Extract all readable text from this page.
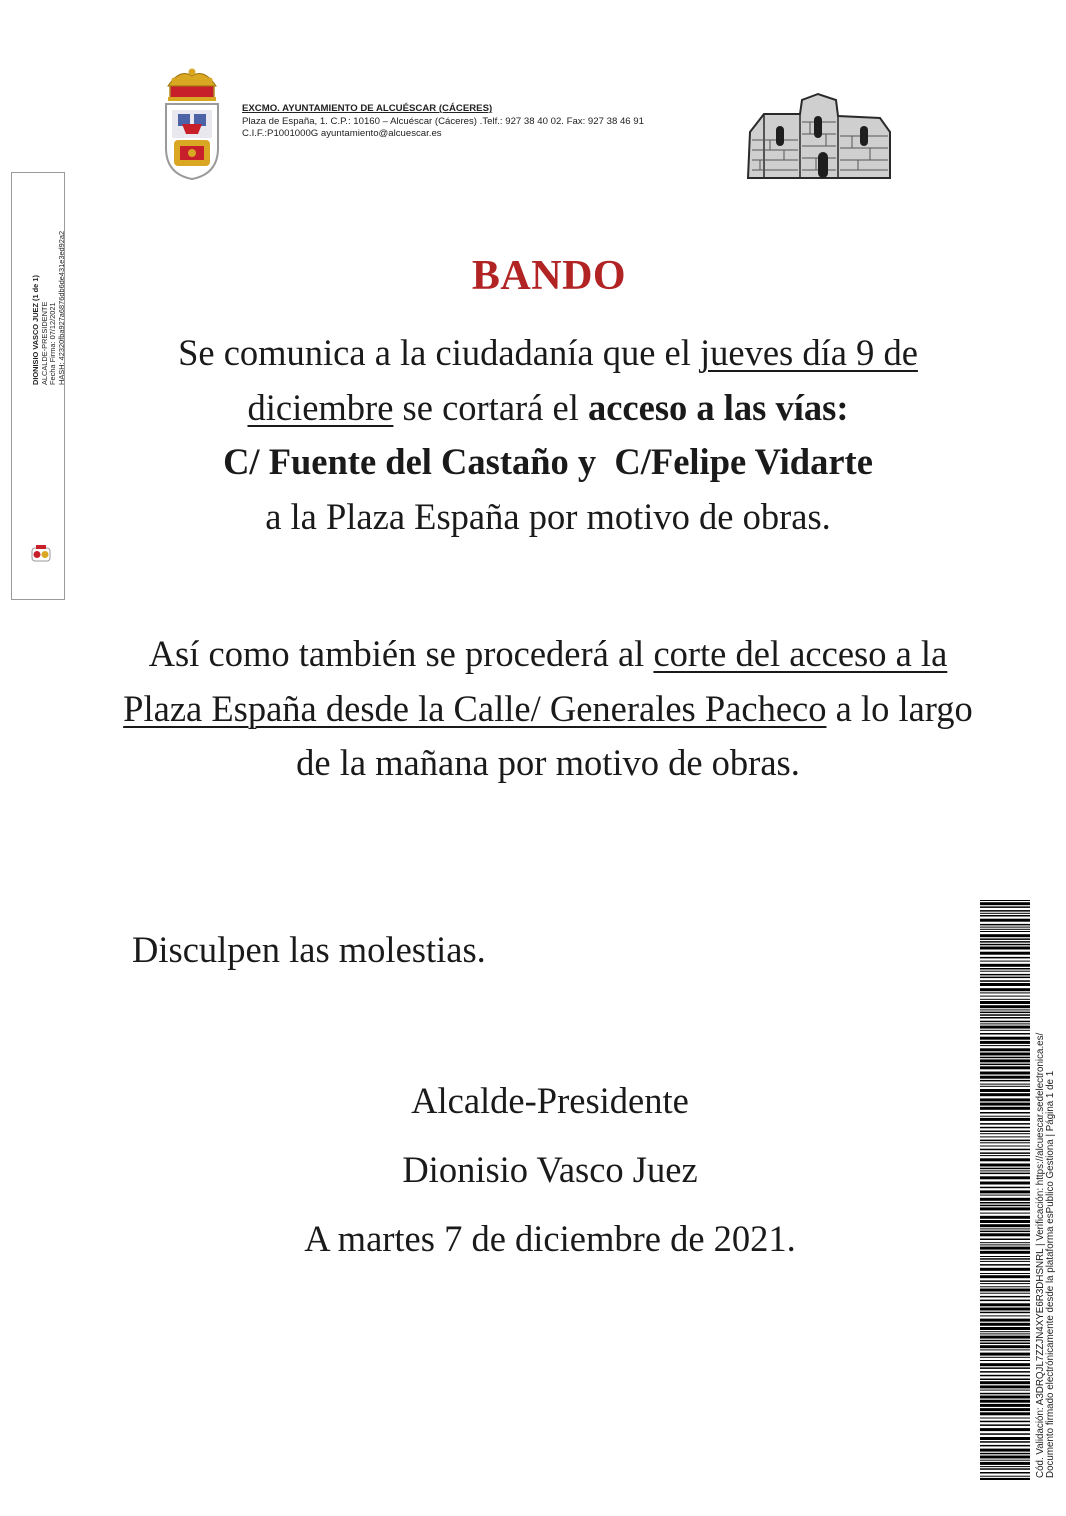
EXCMO. AYUNTAMIENTO DE ALCUÉSCAR (CÁCERES)
Plaza de España, 1. C.P.: 10160 – Alcuéscar (Cáceres) .Telf.: 927 38 40 02. Fax: 927 38 46 91
C.I.F.:P1001000G ayuntamiento@alcuescar.es
DIONISIO VASCO JUEZ (1 de 1) ALCALDE-PRESIDENTE Fecha Firma: 07/12/2021 HASH: 42320fba927a6876db6de431e3ed92a2	BANDO
Se comunica a la ciudadanía que el jueves día 9 de diciembre se cortará el acceso a las vías:
C/ Fuente del Castaño y  C/Felipe Vidarte
a la Plaza España por motivo de obras.
Así como también se procederá al corte del acceso a la Plaza España desde la Calle/ Generales Pacheco a lo largo de la mañana por motivo de obras.
Disculpen las molestias.
Alcalde-Presidente
Dionisio Vasco Juez
A martes 7 de diciembre de 2021.	Cód. Validación: A3DRQJL7ZZJN4XYE6R3DHSNRL | Verificación: https://alcuescar.sedelectronica.es/ Documento firmado electrónicamente desde la plataforma esPublico Gestiona | Página 1 de 1
